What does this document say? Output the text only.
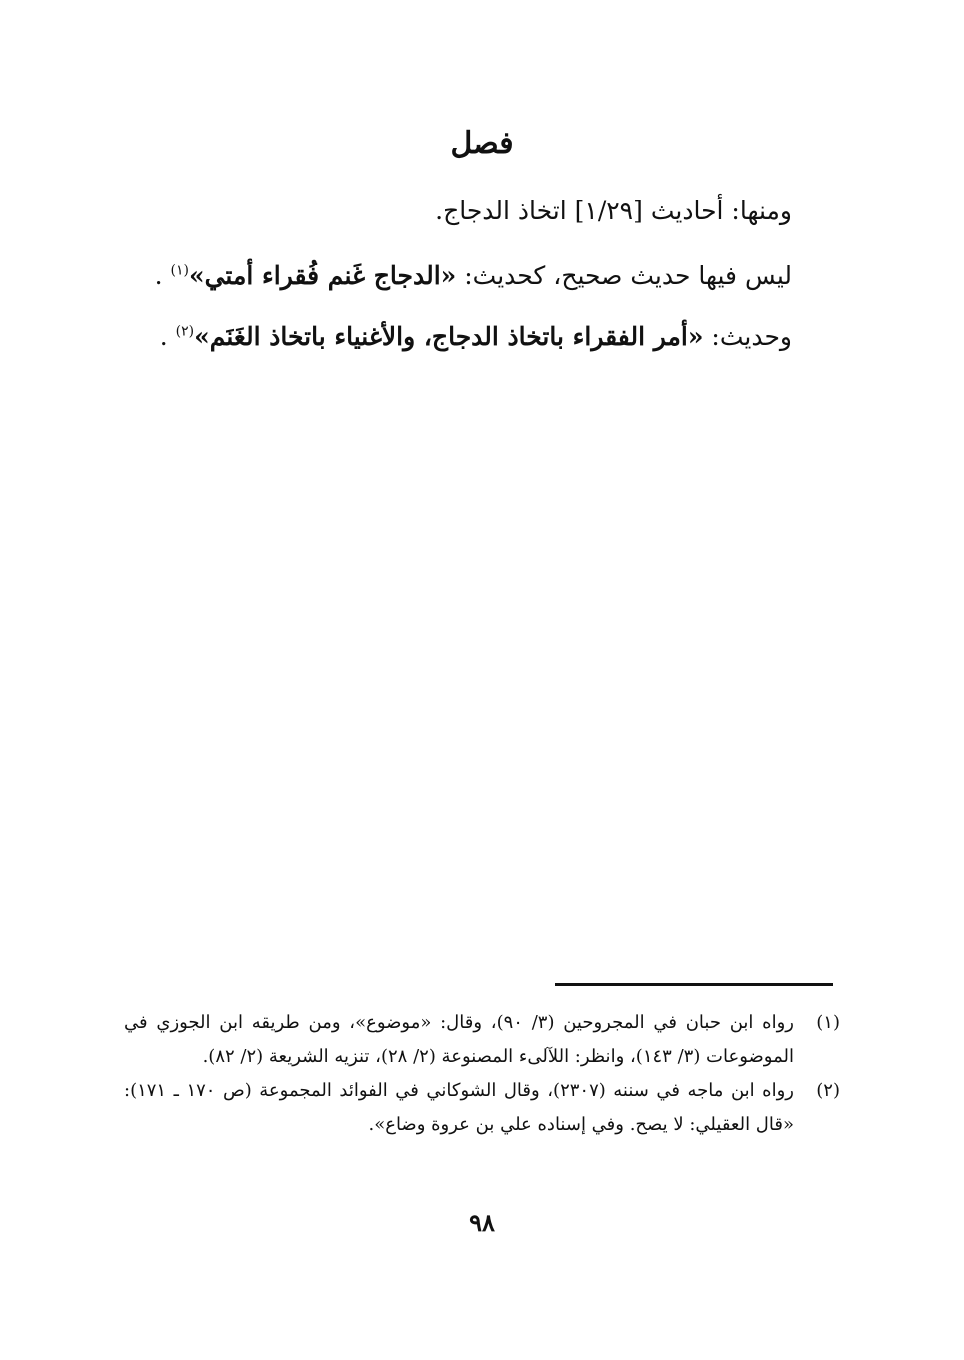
فصل
ومنها: أحاديث [١/٢٩] اتخاذ الدجاج.
ليس فيها حديث صحيح، كحديث: «الدجاج غَنم فُقراء أمتي»$^{(١)}$ .
وحديث: «أمر الفقراء باتخاذ الدجاج، والأغنياء باتخاذ الغَنَم»$^{(٢)}$ .
(١)
رواه ابن حبان في المجروحين (٣/ ٩٠)، وقال: «موضوع»، ومن طريقه ابن الجوزي في الموضوعات (٣/ ١٤٣)، وانظر: اللآلىء المصنوعة (٢/ ٢٨)، تنزيه الشريعة (٢/ ٨٢).
(٢)
رواه ابن ماجه في سننه (٢٣٠٧)، وقال الشوكاني في الفوائد المجموعة (ص ١٧٠ ـ ١٧١): «قال العقيلي: لا يصح. وفي إسناده علي بن عروة وضاع».
٩٨
